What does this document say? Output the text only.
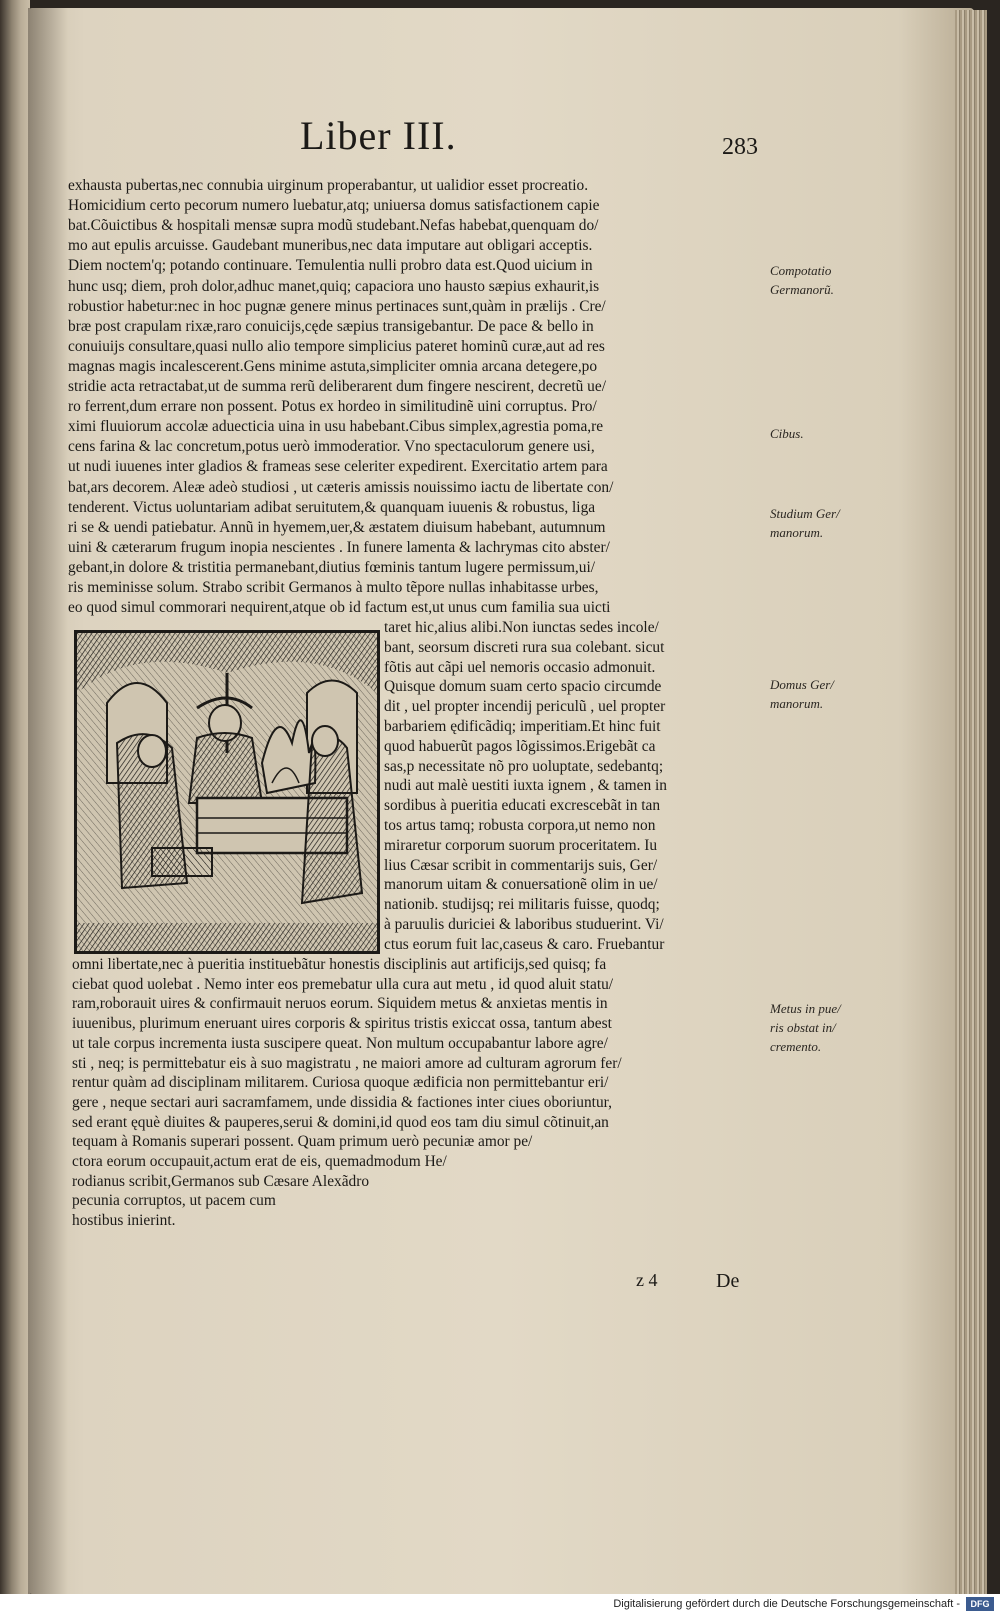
Liber III.	283
exhausta pubertas,nec connubia uirginum properabantur, ut ualidior esset procreatio.
Homicidium certo pecorum numero luebatur,atq; uniuersa domus satisfactionem capie
bat.Cõuictibus & hospitali mensæ supra modũ studebant.Nefas habebat,quenquam do/
mo aut epulis arcuisse. Gaudebant muneribus,nec data imputare aut obligari acceptis.
Diem noctem'q; potando continuare. Temulentia nulli probro data est.Quod uicium in
hunc usq; diem, proh dolor,adhuc manet,quiq; capaciora uno hausto sæpius exhaurit,is
robustior habetur:nec in hoc pugnæ genere minus pertinaces sunt,quàm in prælijs . Cre/
bræ post crapulam rixæ,raro conuicijs,cęde sæpius transigebantur. De pace & bello in
conuiuijs consultare,quasi nullo alio tempore simplicius pateret hominũ curæ,aut ad res
magnas magis incalescerent.Gens minime astuta,simpliciter omnia arcana detegere,po
stridie acta retractabat,ut de summa rerũ deliberarent dum fingere nescirent, decretũ ue/
ro ferrent,dum errare non possent. Potus ex hordeo in similitudinẽ uini corruptus. Pro/
ximi fluuiorum accolæ aduecticia uina in usu habebant.Cibus simplex,agrestia poma,re
cens farina & lac concretum,potus uerò immoderatior. Vno spectaculorum genere usi,
ut nudi iuuenes inter gladios & frameas sese celeriter expedirent. Exercitatio artem para
bat,ars decorem. Aleæ adeò studiosi , ut cæteris amissis nouissimo iactu de libertate con/
tenderent. Victus uoluntariam adibat seruitutem,& quanquam iuuenis & robustus, liga
ri se & uendi patiebatur. Annũ in hyemem,uer,& æstatem diuisum habebant, autumnum
uini & cæterarum frugum inopia nescientes . In funere lamenta & lachrymas cito abster/
gebant,in dolore & tristitia permanebant,diutius fœminis tantum lugere permissum,ui/
ris meminisse solum. Strabo scribit Germanos à multo tẽpore nullas inhabitasse urbes,
eo quod simul commorari nequirent,atque ob id factum est,ut unus cum familia sua uicti
taret hic,alius alibi.Non iunctas sedes incole/
bant, seorsum discreti rura sua colebant. sicut
fõtis aut cãpi uel nemoris occasio admonuit.
Quisque domum suam certo spacio circumde
dit , uel propter incendij periculũ , uel propter
barbariem ędificãdiq; imperitiam.Et hinc fuit
quod habuerũt pagos lõgissimos.Erigebãt ca
sas,p necessitate nõ pro uoluptate, sedebantq;
nudi aut malè uestiti iuxta ignem , & tamen in
sordibus à pueritia educati excrescebãt in tan
tos artus tamq; robusta corpora,ut nemo non
miraretur corporum suorum proceritatem. Iu
lius Cæsar scribit in commentarijs suis, Ger/
manorum uitam & conuersationẽ olim in ue/
nationib. studijsq; rei militaris fuisse, quodq;
à paruulis duriciei & laboribus studuerint. Vi/
ctus eorum fuit lac,caseus & caro. Fruebantur
omni libertate,nec à pueritia instituebãtur honestis disciplinis aut artificijs,sed quisq; fa
ciebat quod uolebat . Nemo inter eos premebatur ulla cura aut metu , id quod aluit statu/
ram,roborauit uires & confirmauit neruos eorum. Siquidem metus & anxietas mentis in
iuuenibus, plurimum eneruant uires corporis & spiritus tristis exiccat ossa, tantum abest
ut tale corpus incrementa iusta suscipere queat. Non multum occupabantur labore agre/
sti , neq; is permittebatur eis à suo magistratu , ne maiori amore ad culturam agrorum fer/
rentur quàm ad disciplinam militarem. Curiosa quoque ædificia non permittebantur eri/
gere , neque sectari auri sacramfamem, unde dissidia & factiones inter ciues oboriuntur,
sed erant ęquè diuites & pauperes,serui & domini,id quod eos tam diu simul cõtinuit,an
tequam à Romanis superari possent. Quam primum uerò pecuniæ amor pe/
ctora eorum occupauit,actum erat de eis, quemadmodum He/
rodianus scribit,Germanos sub Cæsare Alexãdro
pecunia corruptos, ut pacem cum
hostibus inierint.
Compotatio
Germanorũ.
Cibus.
Studium Ger/
manorum.
Domus Ger/
manorum.
Metus in pue/
ris obstat in/
cremento.
z 4	De
Digitalisierung gefördert durch die Deutsche Forschungsgemeinschaft -	DFG
